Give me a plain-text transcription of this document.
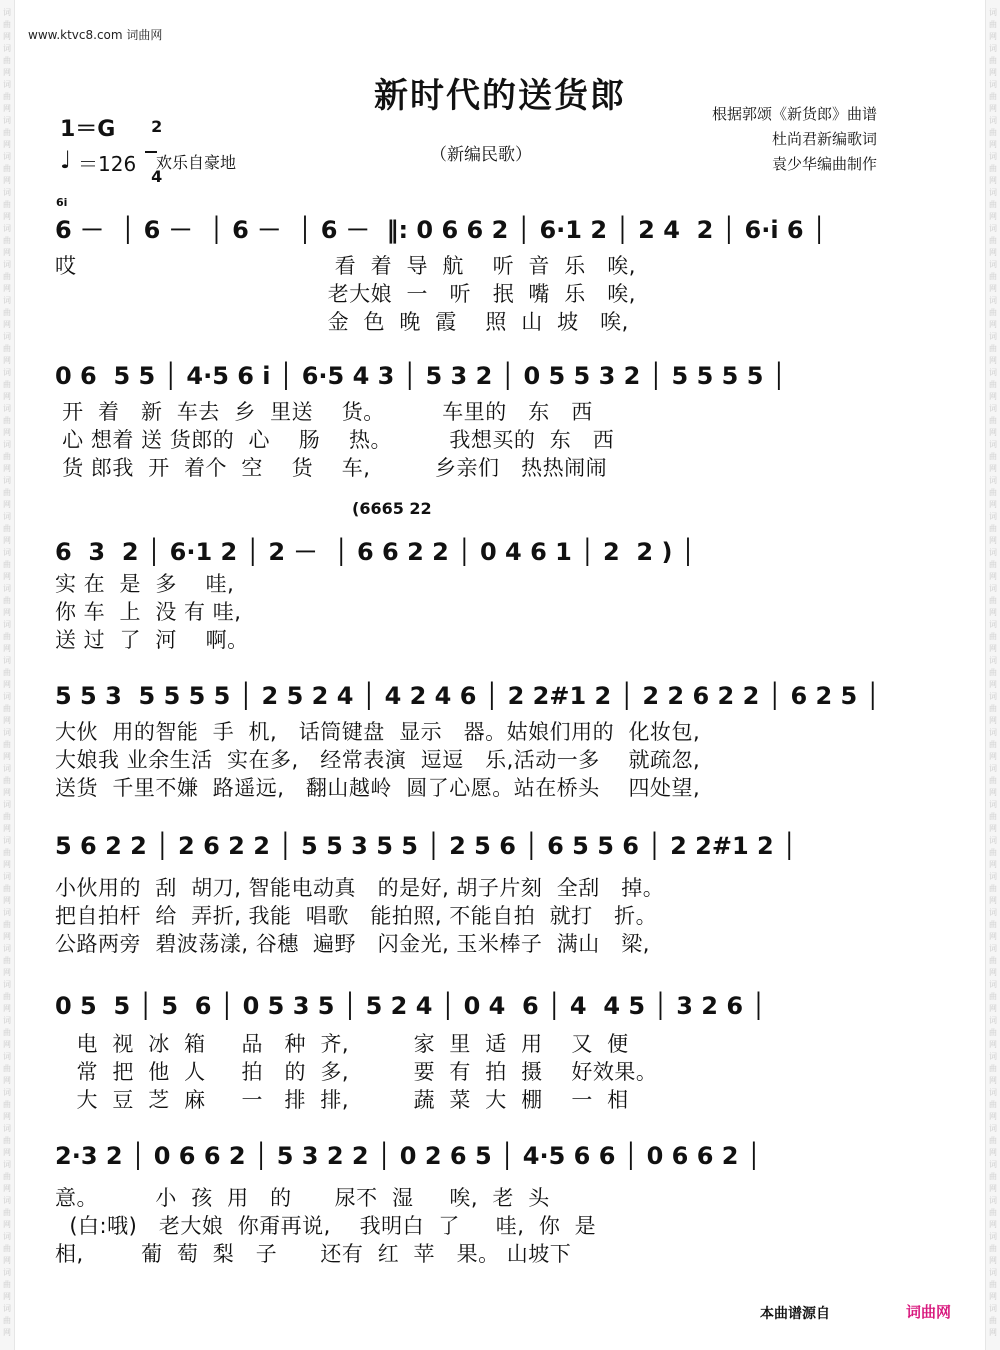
词
曲
网
词
曲
网
词
曲
网
词
曲
网
词
曲
网
词
曲
网
词
曲
网
词
曲
网
词
曲
网
词
曲
网
词
曲
网
词
曲
网
词
曲
网
词
曲
网
词
曲
网
词
曲
网
词
曲
网
词
曲
网
词
曲
网
词
曲
网
词
曲
网
词
曲
网
词
曲
网
词
曲
网
词
曲
网
词
曲
网
词
曲
网
词
曲
网
词
曲
网
词
曲
网
词
曲
网
词
曲
网
词
曲
网
词
曲
网
词
曲
网
词
曲
网
词
曲
网
词
曲
网
词
曲
网
词
曲
网
词
曲
网
词
曲
网
词
曲
网
词
曲
网
词
曲
网
词
曲
网
词
曲
网
词
曲
网
词
曲
网
词
曲
网
词
曲
网
词
曲
网
词
曲
网
词
曲
网
词
曲
网
词
曲
网
词
曲
网
词
曲
网
词
曲
网
词
曲
网
词
曲
网
词
曲
网
词
曲
网
词
曲
网
词
曲
网
词
曲
网
词
曲
网
词
曲
网
词
曲
网
词
曲
网
词
曲
网
词
曲
网
词
曲
网
词
曲
网
www.ktvc8.com 词曲网
新时代的送货郎
（新编民歌）
根据郭颂《新货郎》曲谱
杜尚君新编歌词
袁少华编曲制作
1＝G	2

4

♩ ＝126 欢乐自豪地
6i
(6665 22
6 －  │ 6 －  │ 6 －  │ 6 －  ‖: 0 6 6 2 │ 6·1 2 │ 2 4  2 │ 6·i 6 │
哎                                    看  着  导  航    听  音  乐   唉,
老大娘  一   听   抿  嘴  乐   唉,
金  色  晚  霞    照  山  坡   唉,
0 6  5 5 │ 4·5 6 i │ 6·5 4 3 │ 5 3 2 │ 0 5 5 3 2 │ 5 5 5 5 │
开  着   新  车去  乡  里送    货。        车里的   东   西
心 想着 送 货郎的  心    肠    热。        我想买的  东   西
货 郎我  开  着个  空    货    车,         乡亲们   热热闹闹
6  3  2 │ 6·1 2 │ 2 －  │ 6 6 2 2 │ 0 4 6 1 │ 2  2 ) │
实 在  是  多    哇,
你 车  上  没 有 哇,
送 过  了  河    啊。
5 5 3  5 5 5 5 │ 2 5 2 4 │ 4 2 4 6 │ 2 2#1 2 │ 2 2 6 2 2 │ 6 2 5 │
大伙  用的智能  手  机,   话筒键盘  显示   器。姑娘们用的  化妆包,
大娘我 业余生活  实在多,   经常表演  逗逗   乐,活动一多    就疏忽,
送货  千里不嫌  路遥远,   翻山越岭  圆了心愿。站在桥头    四处望,
5 6 2 2 │ 2 6 2 2 │ 5 5 3 5 5 │ 2 5 6 │ 6 5 5 6 │ 2 2#1 2 │
小伙用的  刮  胡刀, 智能电动真   的是好, 胡子片刻  全刮   掉。
把自拍杆  给  弄折, 我能  唱歌   能拍照, 不能自拍  就打   折。
公路两旁  碧波荡漾, 谷穗  遍野   闪金光, 玉米棒子  满山   梁,
0 5  5 │ 5  6 │ 0 5 3 5 │ 5 2 4 │ 0 4  6 │ 4  4 5 │ 3 2 6 │
电  视  冰  箱     品   种  齐,         家  里  适  用    又  便
常  把  他  人     拍   的  多,         要  有  拍  摄    好效果。
大  豆  芝  麻     一   排  排,         蔬  菜  大  棚    一  相
2·3 2 │ 0 6 6 2 │ 5 3 2 2 │ 0 2 6 5 │ 4·5 6 6 │ 0 6 6 2 │
意。        小  孩  用   的      尿不  湿     唉,  老  头
(白:哦)   老大娘  你甭再说,    我明白  了     哇,  你  是
相,        葡  萄  梨   子      还有  红  苹   果。 山坡下
本曲谱源自	词曲网
